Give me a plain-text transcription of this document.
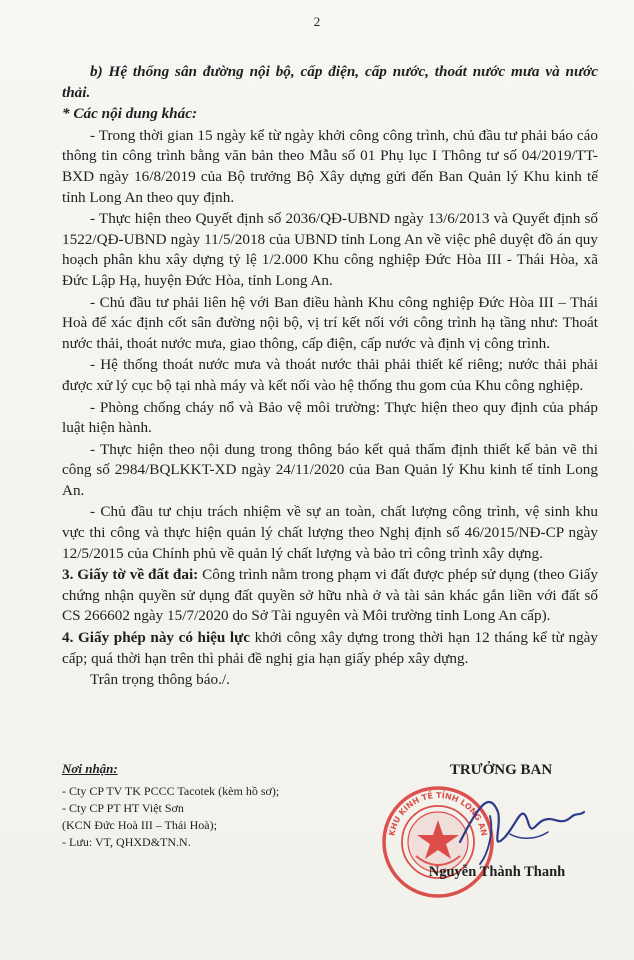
2

b) Hệ thống sân đường nội bộ, cấp điện, cấp nước, thoát nước mưa và nước thải.

* Các nội dung khác:

- Trong thời gian 15 ngày kể từ ngày khởi công công trình, chủ đầu tư phải báo cáo thông tin công trình bằng văn bản theo Mẫu số 01 Phụ lục I Thông tư số 04/2019/TT-BXD ngày 16/8/2019 của Bộ trưởng Bộ Xây dựng gửi đến Ban Quản lý Khu kinh tế tỉnh Long An theo quy định.

- Thực hiện theo Quyết định số 2036/QĐ-UBND ngày 13/6/2013 và Quyết định số 1522/QĐ-UBND ngày 11/5/2018 của UBND tỉnh Long An về việc phê duyệt đồ án quy hoạch phân khu xây dựng tỷ lệ 1/2.000 Khu công nghiệp Đức Hòa III - Thái Hòa, xã Đức Lập Hạ, huyện Đức Hòa, tỉnh Long An.

- Chủ đầu tư phải liên hệ với Ban điều hành Khu công nghiệp Đức Hòa III – Thái Hoà để xác định cốt sân đường nội bộ, vị trí kết nối với công trình hạ tầng như: Thoát nước thải, thoát nước mưa, giao thông, cấp điện, cấp nước và định vị công trình.

- Hệ thống thoát nước mưa và thoát nước thải phải thiết kế riêng; nước thải phải được xử lý cục bộ tại nhà máy và kết nối vào hệ thống thu gom của Khu công nghiệp.

- Phòng chống cháy nổ và Bảo vệ môi trường: Thực hiện theo quy định của pháp luật hiện hành.

- Thực hiện theo nội dung trong thông báo kết quả thẩm định thiết kế bản vẽ thi công số 2984/BQLKKT-XD ngày 24/11/2020 của Ban Quản lý Khu kinh tế tỉnh Long An.

- Chủ đầu tư chịu trách nhiệm về sự an toàn, chất lượng công trình, vệ sinh khu vực thi công và thực hiện quản lý chất lượng theo Nghị định số 46/2015/NĐ-CP ngày 12/5/2015 của Chính phủ về quản lý chất lượng và bảo trì công trình xây dựng.

3. Giấy tờ về đất đai: Công trình nằm trong phạm vi đất được phép sử dụng (theo Giấy chứng nhận quyền sử dụng đất quyền sở hữu nhà ở và tài sản khác gắn liền với đất số CS 266602 ngày 15/7/2020 do Sở Tài nguyên và Môi trường tỉnh Long An cấp).

4. Giấy phép này có hiệu lực khởi công xây dựng trong thời hạn 12 tháng kể từ ngày cấp; quá thời hạn trên thì phải đề nghị gia hạn giấy phép xây dựng.

Trân trọng thông báo./.

Nơi nhận:
- Cty CP TV TK PCCC Tacotek (kèm hồ sơ);
- Cty CP PT HT Việt Sơn
(KCN Đức Hoà III – Thái Hoà);
- Lưu: VT, QHXD&TN.N.
TRƯỞNG BAN
KHU KINH TẾ TỈNH LONG AN
Nguyễn Thành Thanh
